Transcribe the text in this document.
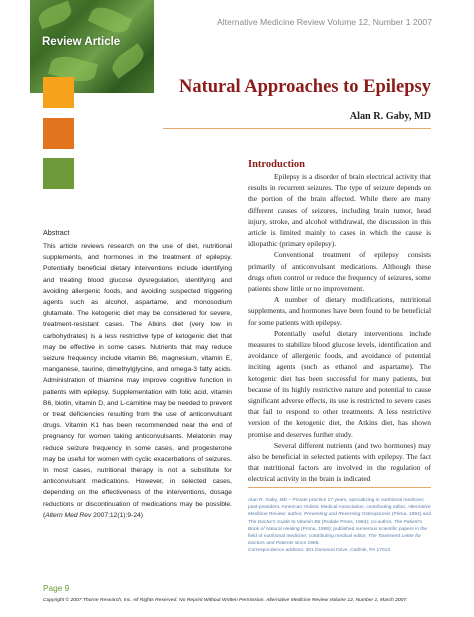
Alternative Medicine Review Volume 12, Number 1 2007
Review Article
Natural Approaches to Epilepsy
Alan R. Gaby, MD
Abstract
This article reviews research on the use of diet, nutritional supplements, and hormones in the treatment of epilepsy. Potentially beneficial dietary interventions include identifying and treating blood glucose dysregulation, identifying and avoiding allergenic foods, and avoiding suspected triggering agents such as alcohol, aspartame, and monosodium glutamate. The ketogenic diet may be considered for severe, treatment-resistant cases. The Atkins diet (very low in carbohydrates) is a less restrictive type of ketogenic diet that may be effective in some cases. Nutrients that may reduce seizure frequency include vitamin B6, magnesium, vitamin E, manganese, taurine, dimethylglycine, and omega-3 fatty acids. Administration of thiamine may improve cognitive function in patients with epilepsy. Supplementation with folic acid, vitamin B6, biotin, vitamin D, and L-carnitine may be needed to prevent or treat deficiencies resulting from the use of anticonvulsant drugs. Vitamin K1 has been recommended near the end of pregnancy for women taking anticonvulsants. Melatonin may reduce seizure frequency in some cases, and progesterone may be useful for women with cyclic exacerbations of seizures. In most cases, nutritional therapy is not a substitute for anticonvulsant medications. However, in selected cases, depending on the effectiveness of the interventions, dosage reductions or discontinuation of medications may be possible. (Altern Med Rev 2007;12(1):9-24)
Introduction

Epilepsy is a disorder of brain electrical activity that results in recurrent seizures. The type of seizure depends on the portion of the brain affected. While there are many different causes of seizures, including brain tumor, head injury, stroke, and alcohol withdrawal, the discussion in this article is limited mainly to cases in which the cause is idiopathic (primary epilepsy).

Conventional treatment of epilepsy consists primarily of anticonvulsant medications. Although these drugs often control or reduce the frequency of seizures, some patients show little or no improvement.

A number of dietary modifications, nutritional supplements, and hormones have been found to be beneficial for some patients with epilepsy.

Potentially useful dietary interventions include measures to stabilize blood glucose levels, identification and avoidance of allergenic foods, and avoidance of potential inciting agents (such as ethanol and aspartame). The ketogenic diet has been successful for many patients, but because of its highly restrictive nature and potential to cause significant adverse effects, its use is restricted to severe cases that fail to respond to other treatments. A less restrictive version of the ketogenic diet, the Atkins diet, has shown promise and deserves further study.

Several different nutrients (and two hormones) may also be beneficial in selected patients with epilepsy. The fact that nutritional factors are involved in the regulation of electrical activity in the brain is indicated

Alan R. Gaby, MD – Private practice 17 years, specializing in nutritional medicine; past-president, American Holistic Medical Association; contributing editor, Alternative Medicine Review; author, Preventing and Reversing Osteoporosis (Prima, 1994) and The Doctor's Guide to Vitamin B6 (Rodale Press, 1984); co-author, The Patient's Book of Natural Healing (Prima, 1999); published numerous scientific papers in the field of nutritional medicine; contributing medical editor, The Townsend Letter for Doctors and Patients since 1985.
Correspondence address: 301 Dorwood Drive, Carlisle, PA 17013
Page 9
Copyright © 2007 Thorne Research, Inc. All Rights Reserved. No Reprint Without Written Permission. Alternative Medicine Review Volume 12, Number 1, March 2007.
